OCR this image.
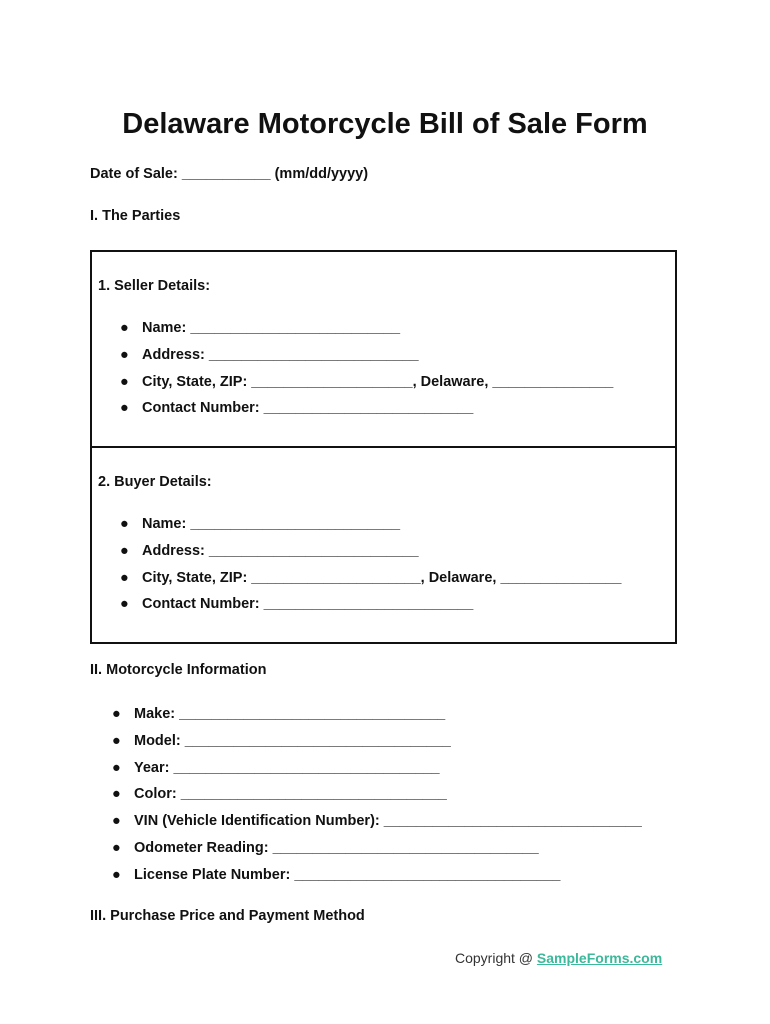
Delaware Motorcycle Bill of Sale Form

Date of Sale: ___________ (mm/dd/yyyy)

I. The Parties

1. Seller Details:

● Name: __________________________
● Address: __________________________
● City, State, ZIP: ____________________, Delaware, _______________
● Contact Number: __________________________

2. Buyer Details:

● Name: __________________________
● Address: __________________________
● City, State, ZIP: _____________________, Delaware, _______________
● Contact Number: __________________________

II. Motorcycle Information

● Make: _________________________________
● Model: _________________________________
● Year: _________________________________
● Color: _________________________________
● VIN (Vehicle Identification Number): ________________________________
● Odometer Reading: _________________________________
● License Plate Number: _________________________________

III. Purchase Price and Payment Method

Copyright @ SampleForms.com
